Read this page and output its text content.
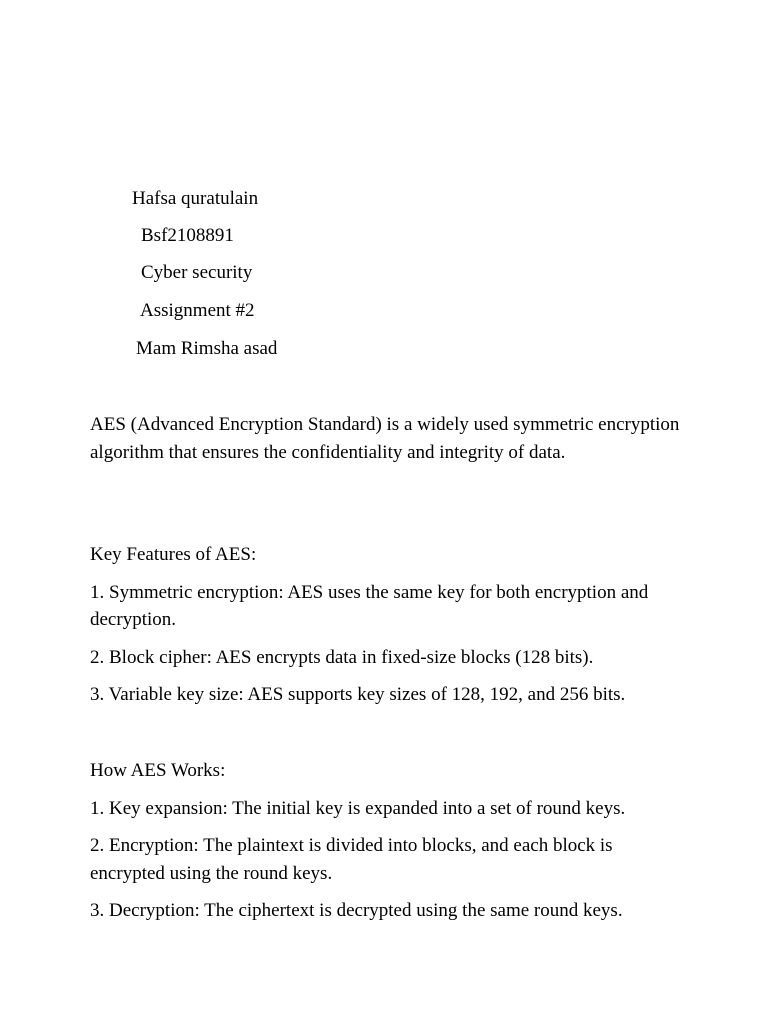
Hafsa quratulain
Bsf2108891
Cyber security
Assignment #2
Mam Rimsha asad

AES (Advanced Encryption Standard) is a widely used symmetric encryption algorithm that ensures the confidentiality and integrity of data.

Key Features of AES:

1. Symmetric encryption: AES uses the same key for both encryption and decryption.

2. Block cipher: AES encrypts data in fixed-size blocks (128 bits).

3. Variable key size: AES supports key sizes of 128, 192, and 256 bits.

How AES Works:

1. Key expansion: The initial key is expanded into a set of round keys.

2. Encryption: The plaintext is divided into blocks, and each block is encrypted using the round keys.

3. Decryption: The ciphertext is decrypted using the same round keys.
